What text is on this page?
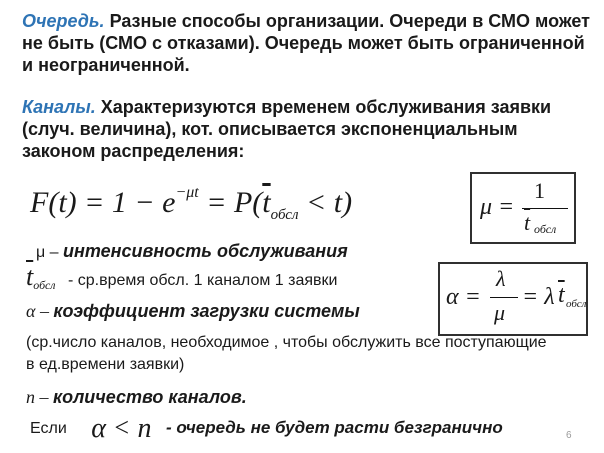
Очередь. Разные способы организации. Очереди в СМО может не быть (СМО с отказами). Очередь может быть ограниченной и неограниченной.
Каналы. Характеризуются временем обслуживания заявки (случ. величина), кот. описывается экспоненциальным законом распределения:
$F(t) = 1 - e^{-\mu t} = P(\overline{t}_{обсл} < t)$	μ =
1
$\overline{t}$ обсл
μ – интенсивность обслуживания
$\overline{t}_{обсл}$ - ср.время обсл. 1 каналом 1 заявки
α =
λ
μ
= λ $\overline{t}$ обсл
α – коэффициент загрузки системы
(ср.число каналов, необходимое , чтобы обслужить все поступающие в ед.времени заявки)
n – количество каналов.
Если α < n - очередь не будет расти безгранично	6
